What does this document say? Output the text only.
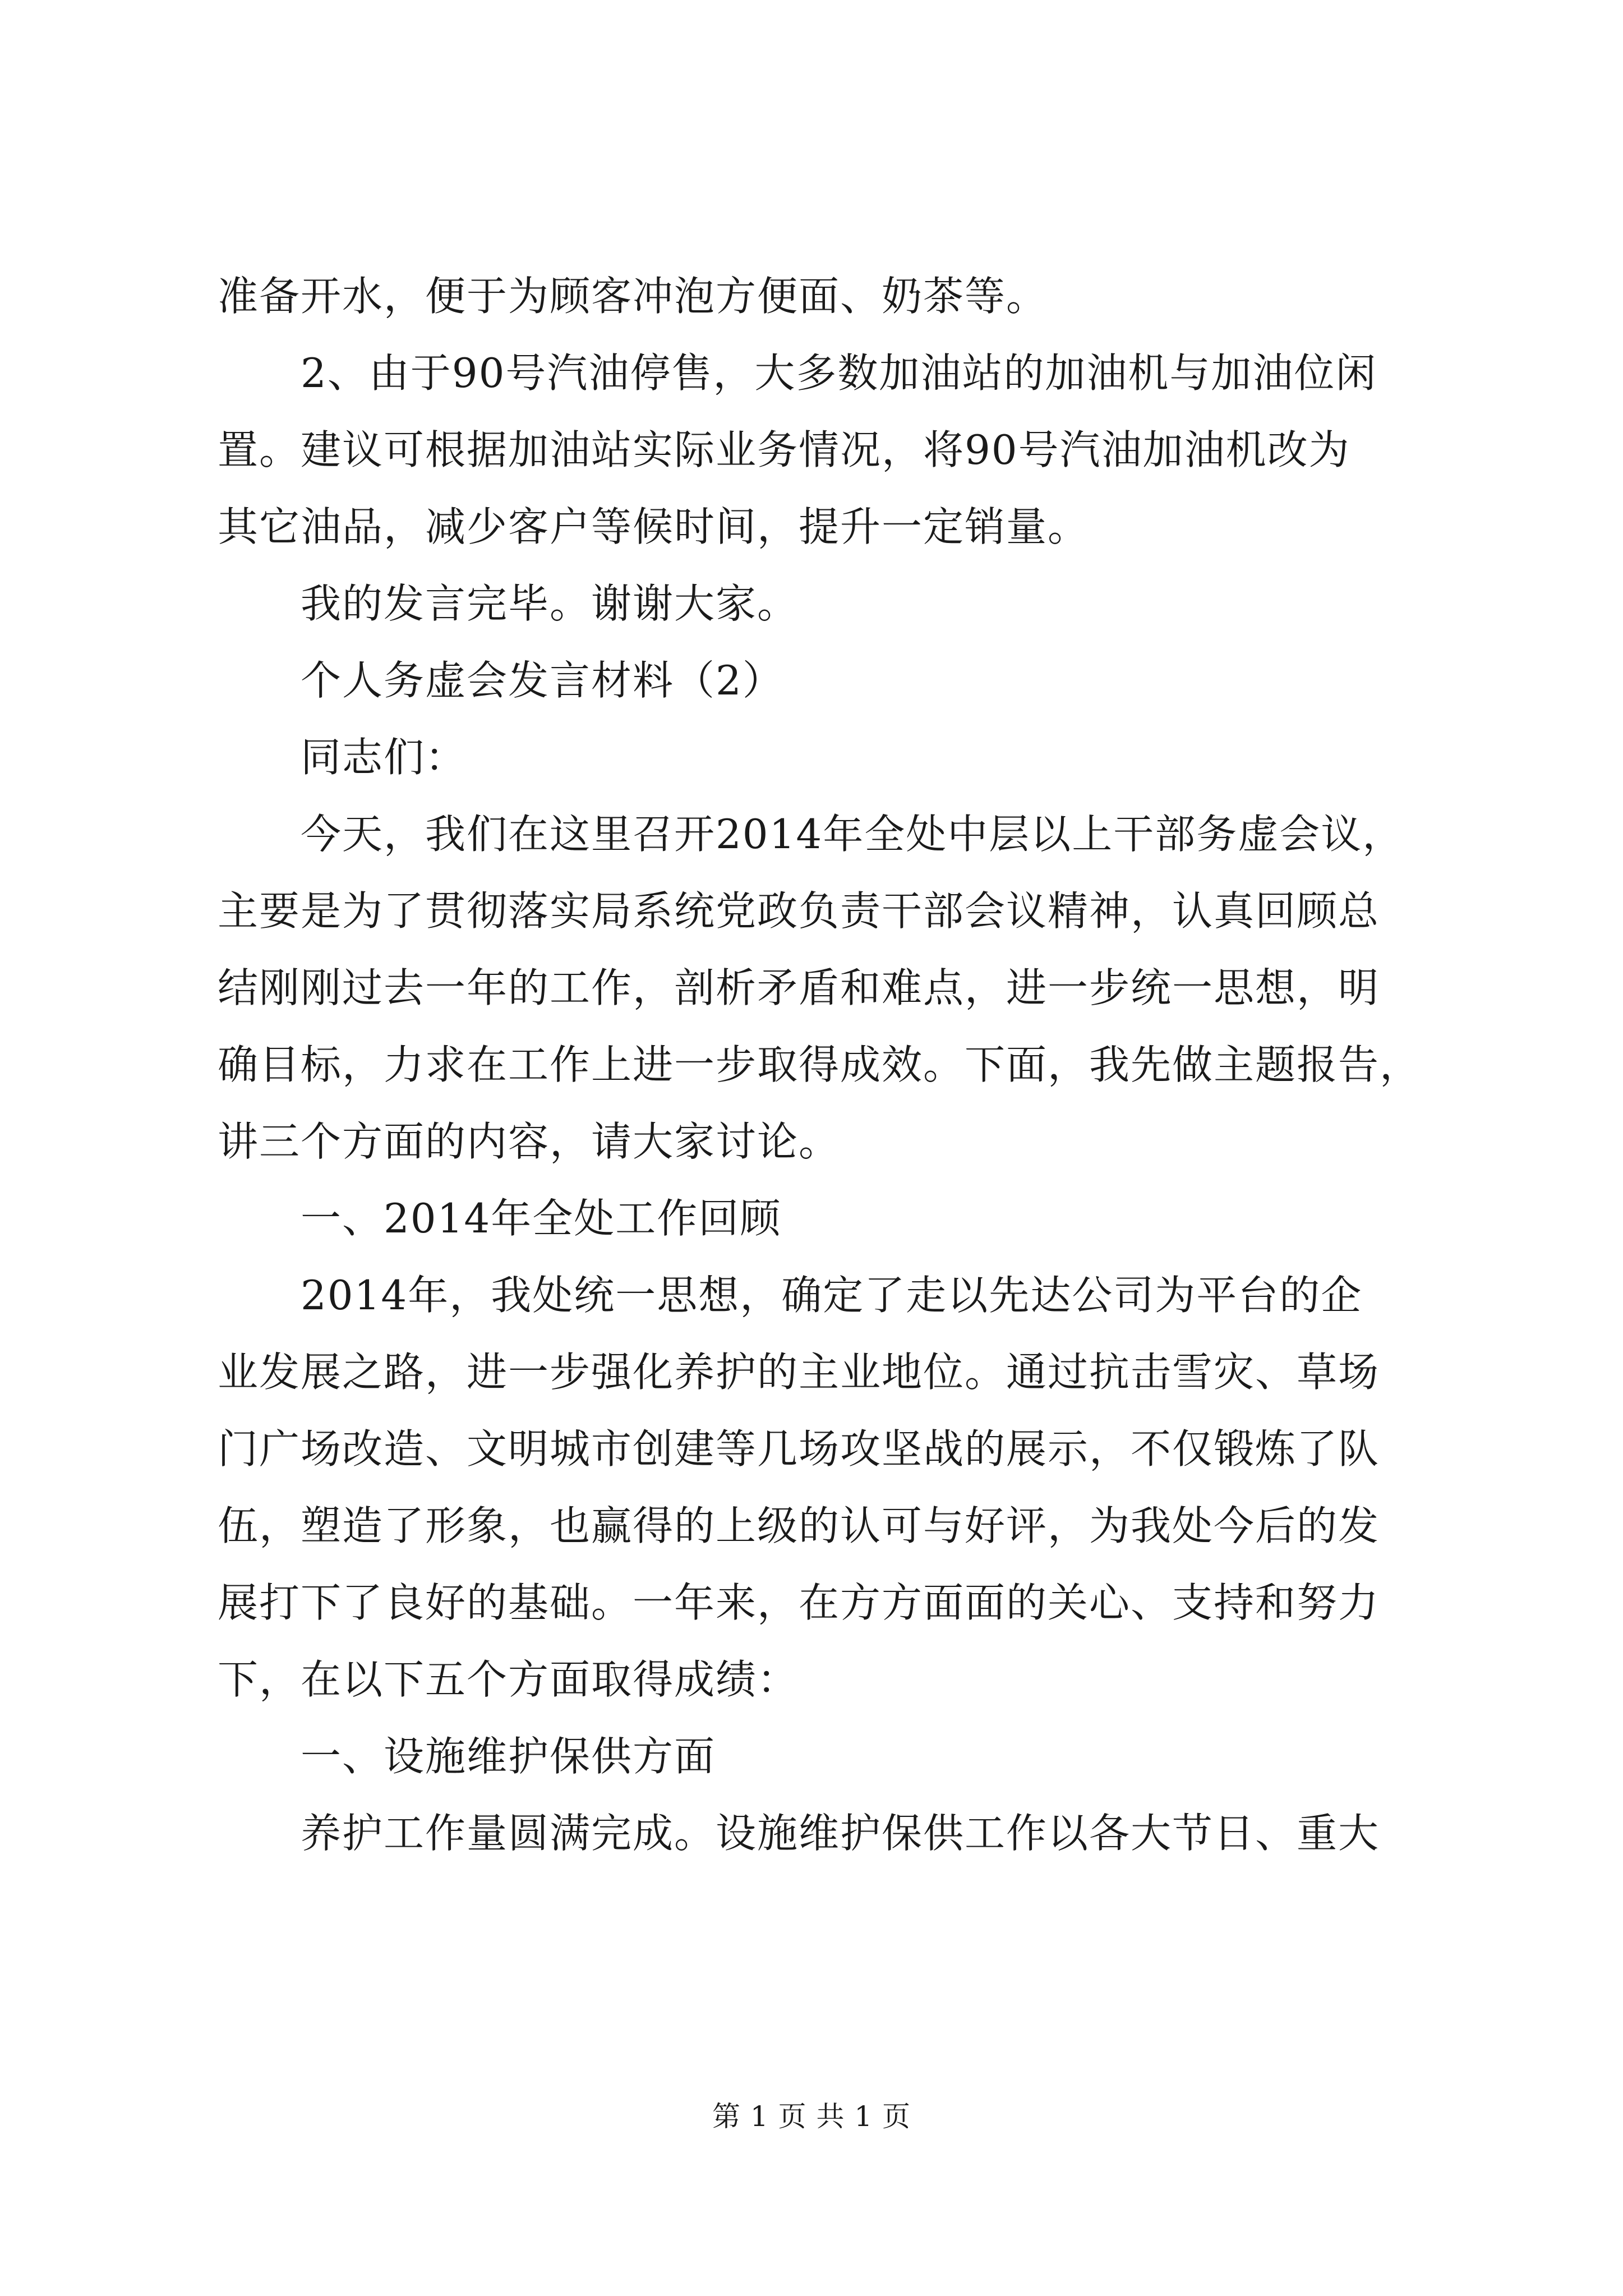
准备开水，便于为顾客冲泡方便面、奶茶等。
2、由于90号汽油停售，大多数加油站的加油机与加油位闲
置。建议可根据加油站实际业务情况，将90号汽油加油机改为
其它油品，减少客户等候时间，提升一定销量。
我的发言完毕。谢谢大家。
个人务虚会发言材料（2）
同志们：
今天，我们在这里召开2014年全处中层以上干部务虚会议，
主要是为了贯彻落实局系统党政负责干部会议精神，认真回顾总
结刚刚过去一年的工作，剖析矛盾和难点，进一步统一思想，明
确目标，力求在工作上进一步取得成效。下面，我先做主题报告，
讲三个方面的内容，请大家讨论。
一、2014年全处工作回顾
2014年，我处统一思想，确定了走以先达公司为平台的企
业发展之路，进一步强化养护的主业地位。通过抗击雪灾、草场
门广场改造、文明城市创建等几场攻坚战的展示，不仅锻炼了队
伍，塑造了形象，也赢得的上级的认可与好评，为我处今后的发
展打下了良好的基础。一年来，在方方面面的关心、支持和努力
下，在以下五个方面取得成绩：
一、设施维护保供方面
养护工作量圆满完成。设施维护保供工作以各大节日、重大
第 1 页 共 1 页
